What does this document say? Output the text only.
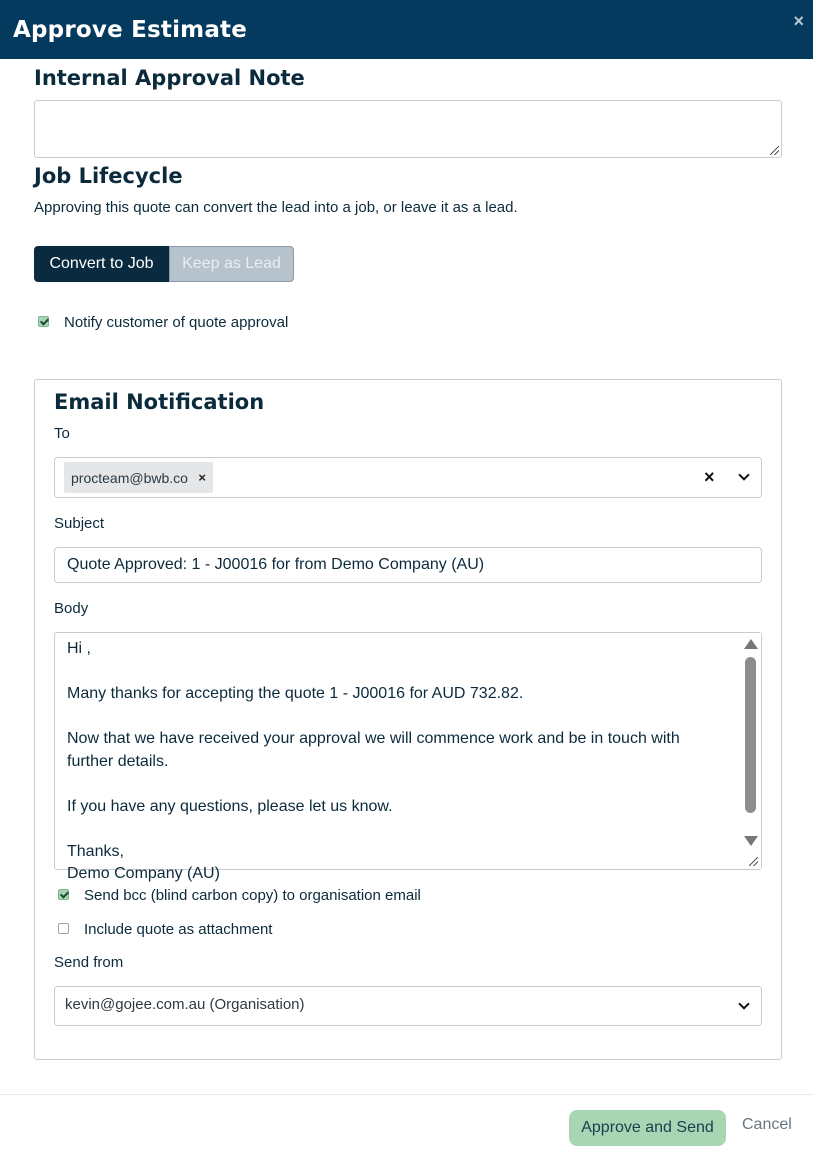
Approve Estimate	×
Internal Approval Note
Job Lifecycle
Approving this quote can convert the lead into a job, or leave it as a lead.
Convert to Job	Keep as Lead
Notify customer of quote approval
Email Notification
To
procteam@bwb.co ×	×
Subject
Quote Approved: 1 - J00016 for from Demo Company (AU)
Body

Hi ,

Many thanks for accepting the quote 1 - J00016 for AUD 732.82.

Now that we have received your approval we will commence work and be in touch with further details.

If you have any questions, please let us know.

Thanks,

Demo Company (AU)

Send bcc (blind carbon copy) to organisation email
Include quote as attachment
Send from
kevin@gojee.com.au (Organisation)
Approve and Send	Cancel
